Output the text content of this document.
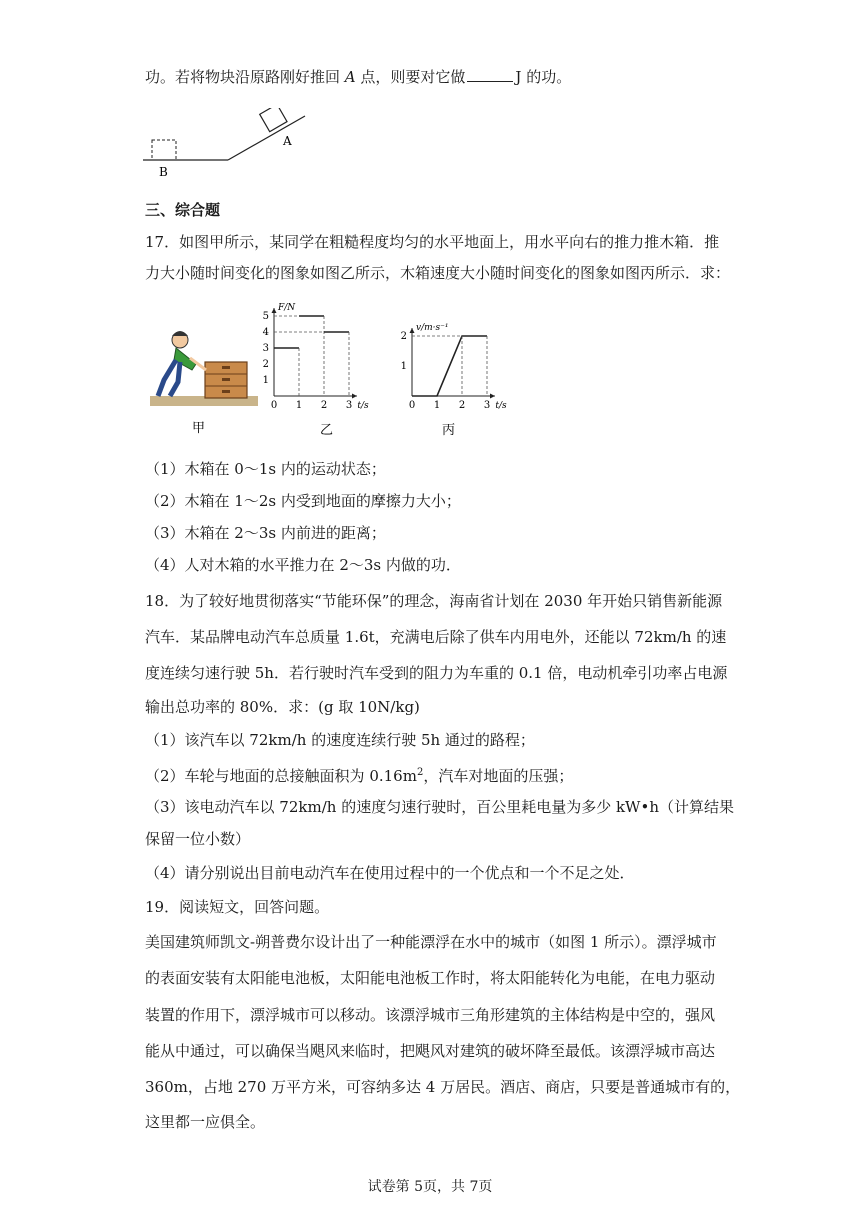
功。若将物块沿原路刚好推回 A 点，则要对它做	J 的功。
A
B
三、综合题
17．如图甲所示，某同学在粗糙程度均匀的水平地面上，用水平向右的推力推木箱．推
力大小随时间变化的图象如图乙所示，木箱速度大小随时间变化的图象如图丙所示．求：
甲
F/N
t/s
0 1 2 3
1
2
3
4
5
乙
v/m·s⁻¹
t/s
0 1 2 3
1
2
丙
（1）木箱在 0～1s 内的运动状态；
（2）木箱在 1～2s 内受到地面的摩擦力大小；
（3）木箱在 2～3s 内前进的距离；
（4）人对木箱的水平推力在 2～3s 内做的功．
18．为了较好地贯彻落实“节能环保”的理念，海南省计划在 2030 年开始只销售新能源
汽车．某品牌电动汽车总质量 1.6t，充满电后除了供车内用电外，还能以 72km/h 的速
度连续匀速行驶 5h．若行驶时汽车受到的阻力为车重的 0.1 倍，电动机牵引功率占电源
输出总功率的 80%．求：(g 取 10N/kg)
（1）该汽车以 72km/h 的速度连续行驶 5h 通过的路程；
（2）车轮与地面的总接触面积为 $0.16m^2$，汽车对地面的压强；
（3）该电动汽车以 72km/h 的速度匀速行驶时，百公里耗电量为多少 kW•h（计算结果
保留一位小数）
（4）请分别说出目前电动汽车在使用过程中的一个优点和一个不足之处．
19．阅读短文，回答问题。
美国建筑师凯文-朔普费尔设计出了一种能漂浮在水中的城市（如图 1 所示）。漂浮城市
的表面安装有太阳能电池板，太阳能电池板工作时，将太阳能转化为电能，在电力驱动
装置的作用下，漂浮城市可以移动。该漂浮城市三角形建筑的主体结构是中空的，强风
能从中通过，可以确保当飓风来临时，把飓风对建筑的破坏降至最低。该漂浮城市高达
360m，占地 270 万平方米，可容纳多达 4 万居民。酒店、商店，只要是普通城市有的，
这里都一应俱全。
试卷第 5页，共 7页
